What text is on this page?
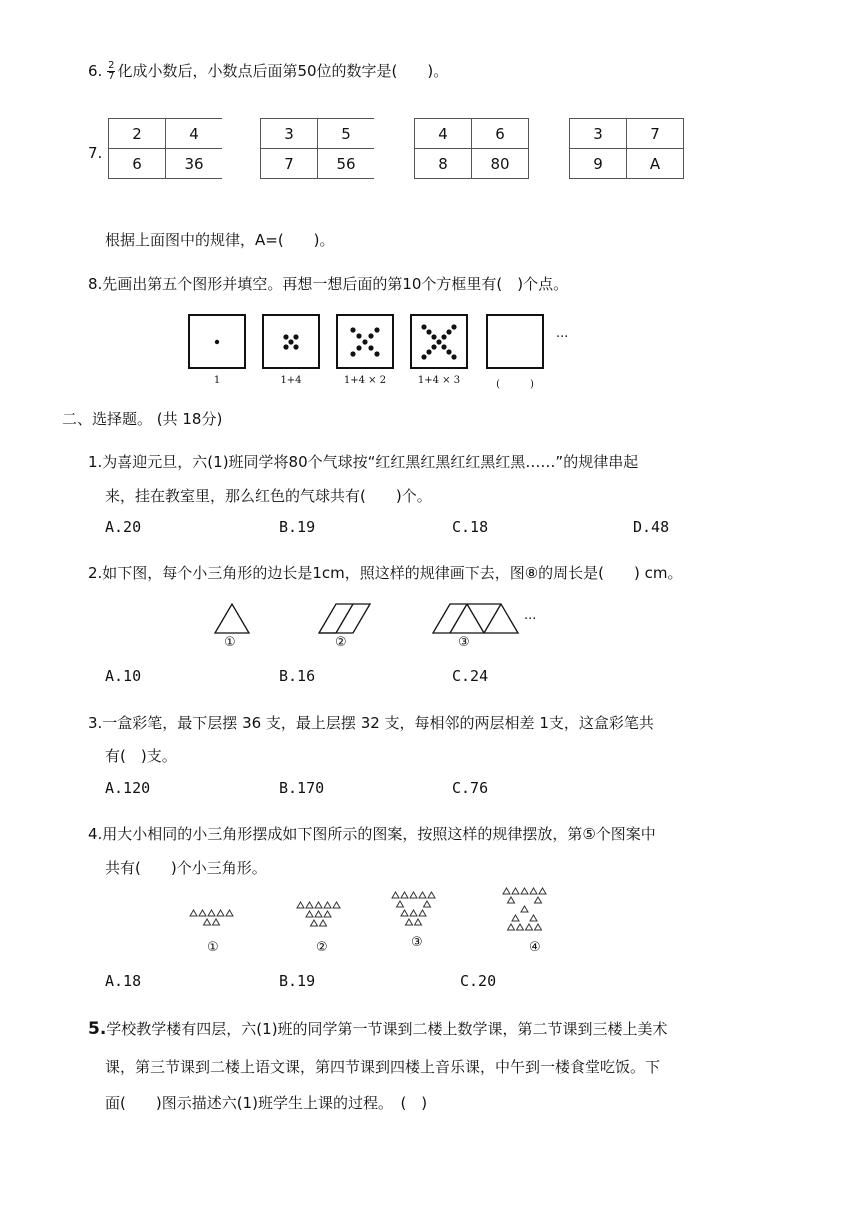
6. $\frac{2}{7}$ 化成小数后，小数点后面第50位的数字是(　　)。
7.
2	4
6	36
3	5
7	56
4	6
8	80
3	7
9	A
根据上面图中的规律，A=(　　)。
8.先画出第五个图形并填空。再想一想后面的第10个方框里有(　)个点。
···
1	1+4	1+4 × 2	1+4 × 3	(　　　)
二、选择题。 (共 18分)
1.为喜迎元旦，六(1)班同学将80个气球按“红红黑红黑红红黑红黑……”的规律串起
来，挂在教室里，那么红色的气球共有(　　)个。
A.20	B.19	C.18	D.48
2.如下图，每个小三角形的边长是1cm，照这样的规律画下去，图⑧的周长是(　　) cm。
①	②	③
···
A.10	B.16	C.24
3.一盒彩笔，最下层摆 36 支，最上层摆 32 支，每相邻的两层相差 1支，这盒彩笔共
有(　)支。
A.120	B.170	C.76
4.用大小相同的小三角形摆成如下图所示的图案，按照这样的规律摆放，第⑤个图案中
共有(　　)个小三角形。
①	②	③	④
A.18	B.19	C.20
5.学校教学楼有四层，六(1)班的同学第一节课到二楼上数学课，第二节课到三楼上美术
课，第三节课到二楼上语文课，第四节课到四楼上音乐课，中午到一楼食堂吃饭。下
面(　　)图示描述六(1)班学生上课的过程。　(　)
